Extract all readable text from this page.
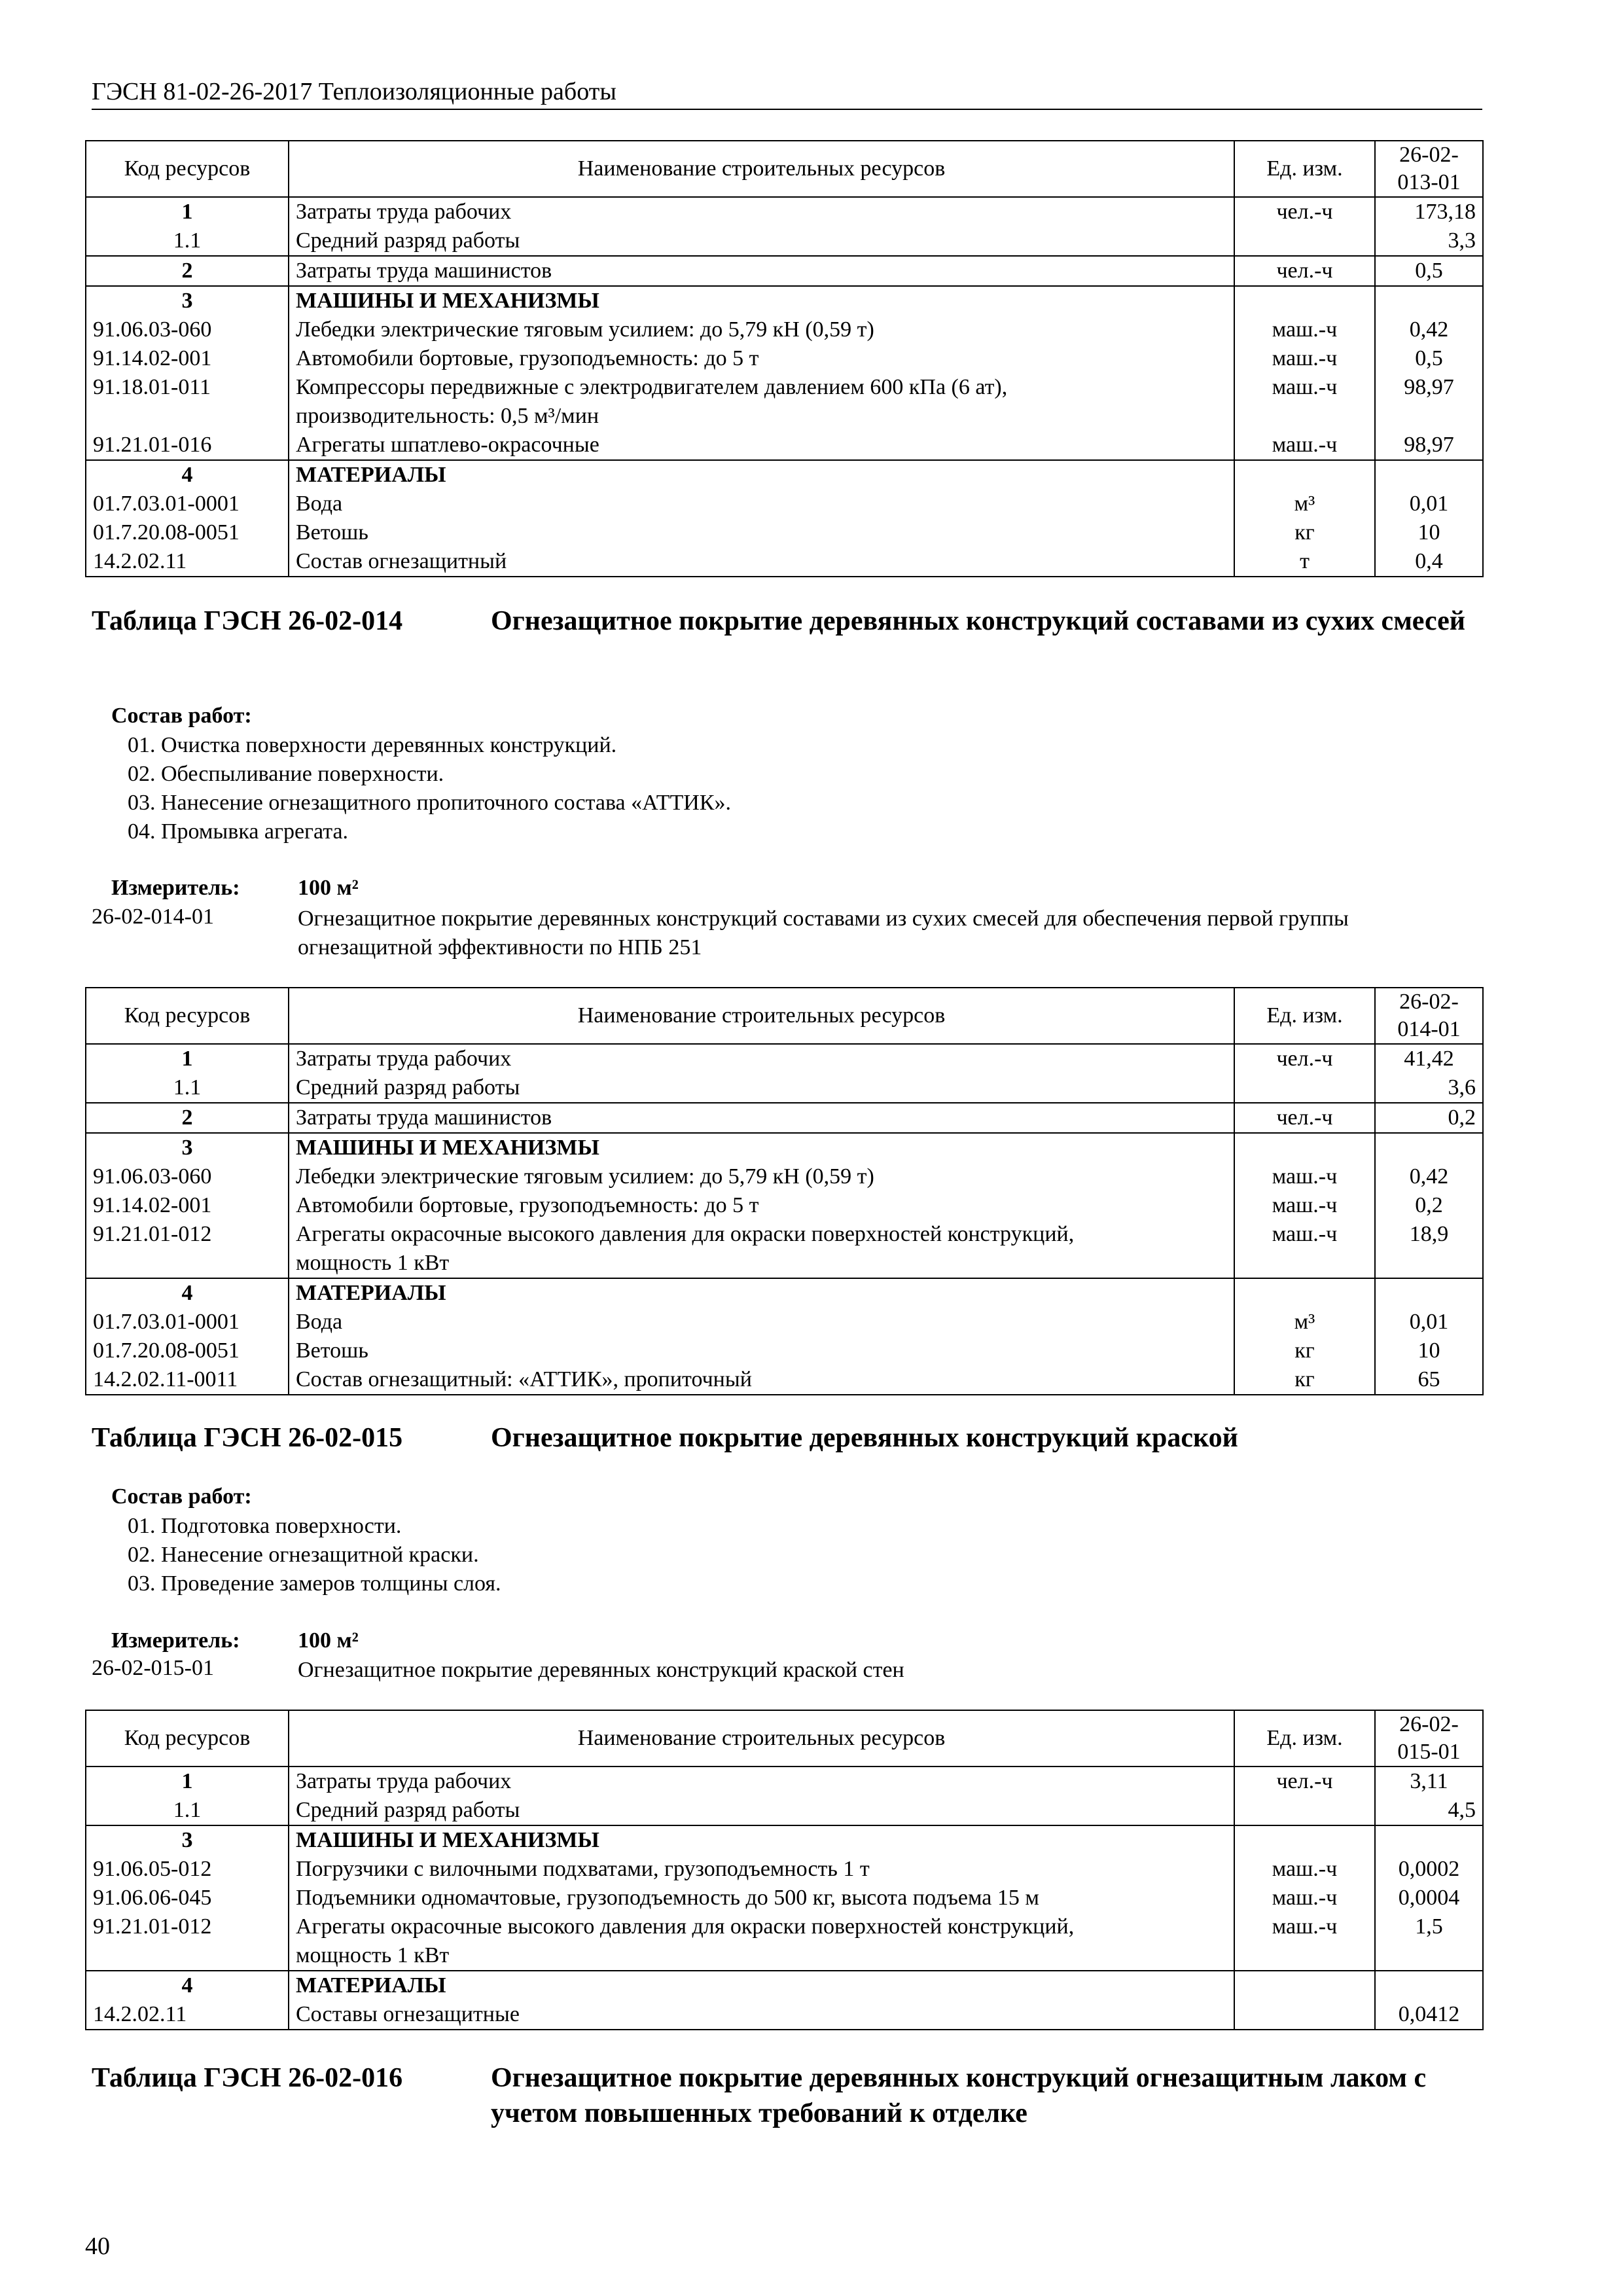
ГЭСН 81-02-26-2017 Теплоизоляционные работы
Код ресурсов	Наименование строительных ресурсов	Ед. изм.	26-02-
013-01
1	Затраты труда рабочих	чел.-ч	173,18
1.1	Средний разряд работы		3,3
2	Затраты труда машинистов	чел.-ч	0,5
3	МАШИНЫ И МЕХАНИЗМЫ		
91.06.03-060	Лебедки электрические тяговым усилием: до 5,79 кН (0,59 т)	маш.-ч	0,42
91.14.02-001	Автомобили бортовые, грузоподъемность: до 5 т	маш.-ч	0,5
91.18.01-011	Компрессоры передвижные с электродвигателем давлением 600 кПа (6 ат),
производительность: 0,5 м³/мин	маш.-ч	98,97
91.21.01-016	Агрегаты шпатлево-окрасочные	маш.-ч	98,97
4	МАТЕРИАЛЫ		
01.7.03.01-0001	Вода	м³	0,01
01.7.20.08-0051	Ветошь	кг	10
14.2.02.11	Состав огнезащитный	т	0,4
Таблица ГЭСН 26-02-014	Огнезащитное покрытие деревянных конструкций составами из сухих смесей
Состав работ:
01. Очистка поверхности деревянных конструкций.
02. Обеспыливание поверхности.
03. Нанесение огнезащитного пропиточного состава «АТТИК».
04. Промывка агрегата.
Измеритель:	100 м²
26-02-014-01	Огнезащитное покрытие деревянных конструкций составами из сухих смесей для обеспечения первой группы огнезащитной эффективности по НПБ 251
Код ресурсов	Наименование строительных ресурсов	Ед. изм.	26-02-
014-01
1	Затраты труда рабочих	чел.-ч	41,42
1.1	Средний разряд работы		3,6
2	Затраты труда машинистов	чел.-ч	0,2
3	МАШИНЫ И МЕХАНИЗМЫ		
91.06.03-060	Лебедки электрические тяговым усилием: до 5,79 кН (0,59 т)	маш.-ч	0,42
91.14.02-001	Автомобили бортовые, грузоподъемность: до 5 т	маш.-ч	0,2
91.21.01-012	Агрегаты окрасочные высокого давления для окраски поверхностей конструкций,
мощность 1 кВт	маш.-ч	18,9
4	МАТЕРИАЛЫ		
01.7.03.01-0001	Вода	м³	0,01
01.7.20.08-0051	Ветошь	кг	10
14.2.02.11-0011	Состав огнезащитный: «АТТИК», пропиточный	кг	65
Таблица ГЭСН 26-02-015	Огнезащитное покрытие деревянных конструкций краской
Состав работ:
01. Подготовка поверхности.
02. Нанесение огнезащитной краски.
03. Проведение замеров толщины слоя.
Измеритель:	100 м²
26-02-015-01	Огнезащитное покрытие деревянных конструкций краской стен
Код ресурсов	Наименование строительных ресурсов	Ед. изм.	26-02-
015-01
1	Затраты труда рабочих	чел.-ч	3,11
1.1	Средний разряд работы		4,5
3	МАШИНЫ И МЕХАНИЗМЫ		
91.06.05-012	Погрузчики с вилочными подхватами, грузоподъемность 1 т	маш.-ч	0,0002
91.06.06-045	Подъемники одномачтовые, грузоподъемность до 500 кг, высота подъема 15 м	маш.-ч	0,0004
91.21.01-012	Агрегаты окрасочные высокого давления для окраски поверхностей конструкций,
мощность 1 кВт	маш.-ч	1,5
4	МАТЕРИАЛЫ		
14.2.02.11	Составы огнезащитные		0,0412
Таблица ГЭСН 26-02-016	Огнезащитное покрытие деревянных конструкций огнезащитным лаком с учетом повышенных требований к отделке
40
